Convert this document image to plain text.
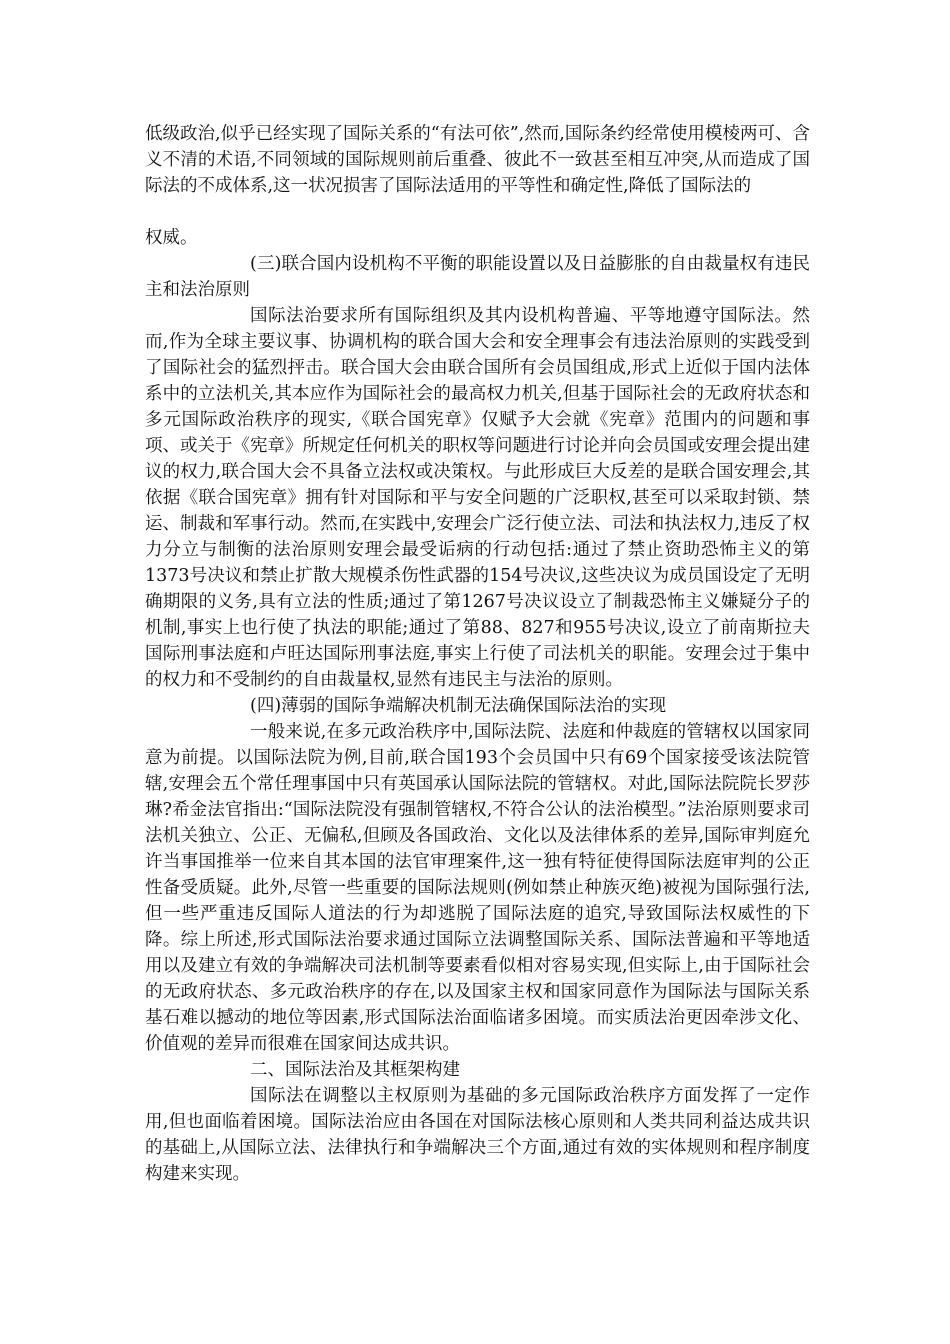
低级政治,似乎已经实现了国际关系的“有法可依”,然而,国际条约经常使用模棱两可、含义不清的术语,不同领域的国际规则前后重叠、彼此不一致甚至相互冲突,从而造成了国际法的不成体系,这一状况损害了国际法适用的平等性和确定性,降低了国际法的

权威。

(三)联合国内设机构不平衡的职能设置以及日益膨胀的自由裁量权有违民主和法治原则

国际法治要求所有国际组织及其内设机构普遍、平等地遵守国际法。然而,作为全球主要议事、协调机构的联合国大会和安全理事会有违法治原则的实践受到了国际社会的猛烈抨击。联合国大会由联合国所有会员国组成,形式上近似于国内法体系中的立法机关,其本应作为国际社会的最高权力机关,但基于国际社会的无政府状态和多元国际政治秩序的现实,《联合国宪章》仅赋予大会就《宪章》范围内的问题和事项、或关于《宪章》所规定任何机关的职权等问题进行讨论并向会员国或安理会提出建议的权力,联合国大会不具备立法权或决策权。与此形成巨大反差的是联合国安理会,其依据《联合国宪章》拥有针对国际和平与安全问题的广泛职权,甚至可以采取封锁、禁运、制裁和军事行动。然而,在实践中,安理会广泛行使立法、司法和执法权力,违反了权力分立与制衡的法治原则安理会最受诟病的行动包括:通过了禁止资助恐怖主义的第1373号决议和禁止扩散大规模杀伤性武器的154号决议,这些决议为成员国设定了无明确期限的义务,具有立法的性质;通过了第1267号决议设立了制裁恐怖主义嫌疑分子的机制,事实上也行使了执法的职能;通过了第88、827和955号决议,设立了前南斯拉夫国际刑事法庭和卢旺达国际刑事法庭,事实上行使了司法机关的职能。安理会过于集中的权力和不受制约的自由裁量权,显然有违民主与法治的原则。

(四)薄弱的国际争端解决机制无法确保国际法治的实现

一般来说,在多元政治秩序中,国际法院、法庭和仲裁庭的管辖权以国家同意为前提。以国际法院为例,目前,联合国193个会员国中只有69个国家接受该法院管辖,安理会五个常任理事国中只有英国承认国际法院的管辖权。对此,国际法院院长罗莎琳?希金法官指出:“国际法院没有强制管辖权,不符合公认的法治模型。”法治原则要求司法机关独立、公正、无偏私,但顾及各国政治、文化以及法律体系的差异,国际审判庭允许当事国推举一位来自其本国的法官审理案件,这一独有特征使得国际法庭审判的公正性备受质疑。此外,尽管一些重要的国际法规则(例如禁止种族灭绝)被视为国际强行法,但一些严重违反国际人道法的行为却逃脱了国际法庭的追究,导致国际法权威性的下降。综上所述,形式国际法治要求通过国际立法调整国际关系、国际法普遍和平等地适用以及建立有效的争端解决司法机制等要素看似相对容易实现,但实际上,由于国际社会的无政府状态、多元政治秩序的存在,以及国家主权和国家同意作为国际法与国际关系基石难以撼动的地位等因素,形式国际法治面临诸多困境。而实质法治更因牵涉文化、价值观的差异而很难在国家间达成共识。

二、国际法治及其框架构建

国际法在调整以主权原则为基础的多元国际政治秩序方面发挥了一定作用,但也面临着困境。国际法治应由各国在对国际法核心原则和人类共同利益达成共识的基础上,从国际立法、法律执行和争端解决三个方面,通过有效的实体规则和程序制度构建来实现。
